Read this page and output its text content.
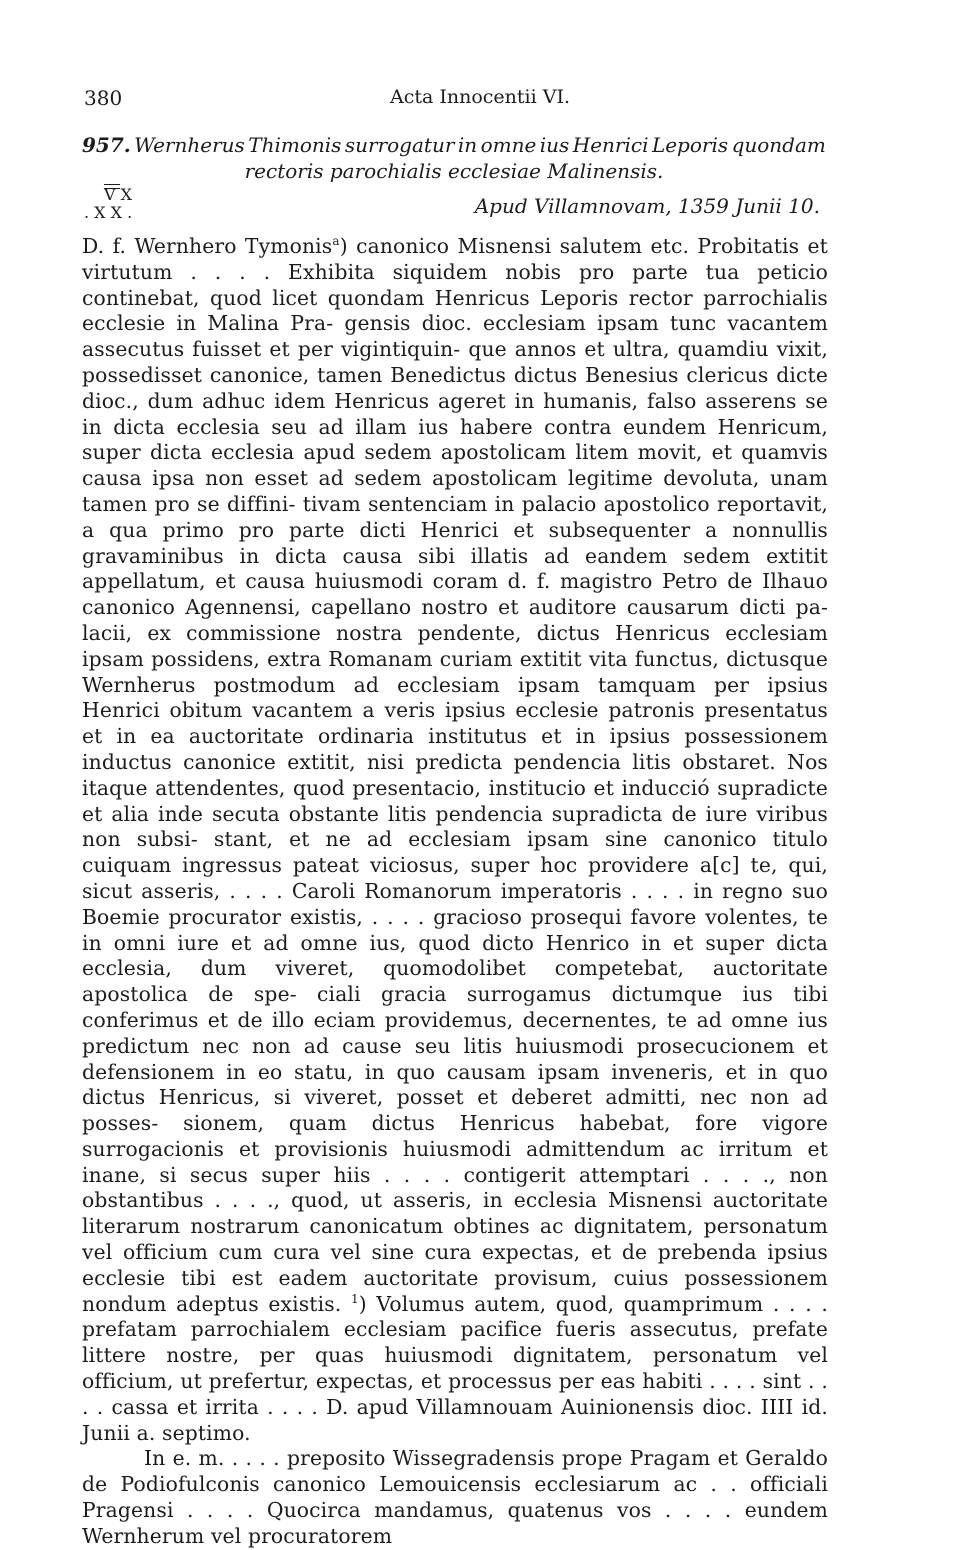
380	Acta Innocentii VI.
957. Wernherus Thimonis surrogatur in omne ius Henrici Leporis quondam
rectoris parochialis ecclesiae Malinensis.
V X
. X X .	Apud Villamnovam, 1359 Junii 10.

D. f. Wernhero Tymonis$^a$) canonico Misnensi salutem etc. Probitatis et virtutum . . . . Exhibita siquidem nobis pro parte tua peticio continebat, quod licet quondam Henricus Leporis rector parrochialis ecclesie in Malina Pra- gensis dioc. ecclesiam ipsam tunc vacantem assecutus fuisset et per vigintiquin- que annos et ultra, quamdiu vixit, possedisset canonice, tamen Benedictus dictus Benesius clericus dicte dioc., dum adhuc idem Henricus ageret in humanis, falso asserens se in dicta ecclesia seu ad illam ius habere contra eundem Henricum, super dicta ecclesia apud sedem apostolicam litem movit, et quamvis causa ipsa non esset ad sedem apostolicam legitime devoluta, unam tamen pro se diffini- tivam sentenciam in palacio apostolico reportavit, a qua primo pro parte dicti Henrici et subsequenter a nonnullis gravaminibus in dicta causa sibi illatis ad eandem sedem extitit appellatum, et causa huiusmodi coram d. f. magistro Petro de Ilhauo canonico Agennensi, capellano nostro et auditore causarum dicti pa- lacii, ex commissione nostra pendente, dictus Henricus ecclesiam ipsam possidens, extra Romanam curiam extitit vita functus, dictusque Wernherus postmodum ad ecclesiam ipsam tamquam per ipsius Henrici obitum vacantem a veris ipsius ecclesie patronis presentatus et in ea auctoritate ordinaria institutus et in ipsius possessionem inductus canonice extitit, nisi predicta pendencia litis obstaret. Nos itaque attendentes, quod presentacio, institucio et inducció supradicte et alia inde secuta obstante litis pendencia supradicta de iure viribus non subsi- stant, et ne ad ecclesiam ipsam sine canonico titulo cuiquam ingressus pateat viciosus, super hoc providere a[c] te, qui, sicut asseris, . . . . Caroli Romanorum imperatoris . . . . in regno suo Boemie procurator existis, . . . . gracioso prosequi favore volentes, te in omni iure et ad omne ius, quod dicto Henrico in et super dicta ecclesia, dum viveret, quomodolibet competebat, auctoritate apostolica de spe- ciali gracia surrogamus dictumque ius tibi conferimus et de illo eciam providemus, decernentes, te ad omne ius predictum nec non ad cause seu litis huiusmodi prosecucionem et defensionem in eo statu, in quo causam ipsam inveneris, et in quo dictus Henricus, si viveret, posset et deberet admitti, nec non ad posses- sionem, quam dictus Henricus habebat, fore vigore surrogacionis et provisionis huiusmodi admittendum ac irritum et inane, si secus super hiis . . . . contigerit attemptari . . . ., non obstantibus . . . ., quod, ut asseris, in ecclesia Misnensi auctoritate literarum nostrarum canonicatum obtines ac dignitatem, personatum vel officium cum cura vel sine cura expectas, et de prebenda ipsius ecclesie tibi est eadem auctoritate provisum, cuius possessionem nondum adeptus existis. $^1$) Volumus autem, quod, quamprimum . . . . prefatam parrochialem ecclesiam pacifice fueris assecutus, prefate littere nostre, per quas huiusmodi dignitatem, personatum vel officium, ut prefertur, expectas, et processus per eas habiti . . . . sint . . . . cassa et irrita . . . . D. apud Villamnouam Auinionensis dioc. IIII id. Junii a. septimo.

In e. m. . . . . preposito Wissegradensis prope Pragam et Geraldo de Podiofulconis canonico Lemouicensis ecclesiarum ac . . officiali Pragensi . . . . Quocirca mandamus, quatenus vos . . . . eundem Wernherum vel procuratorem
